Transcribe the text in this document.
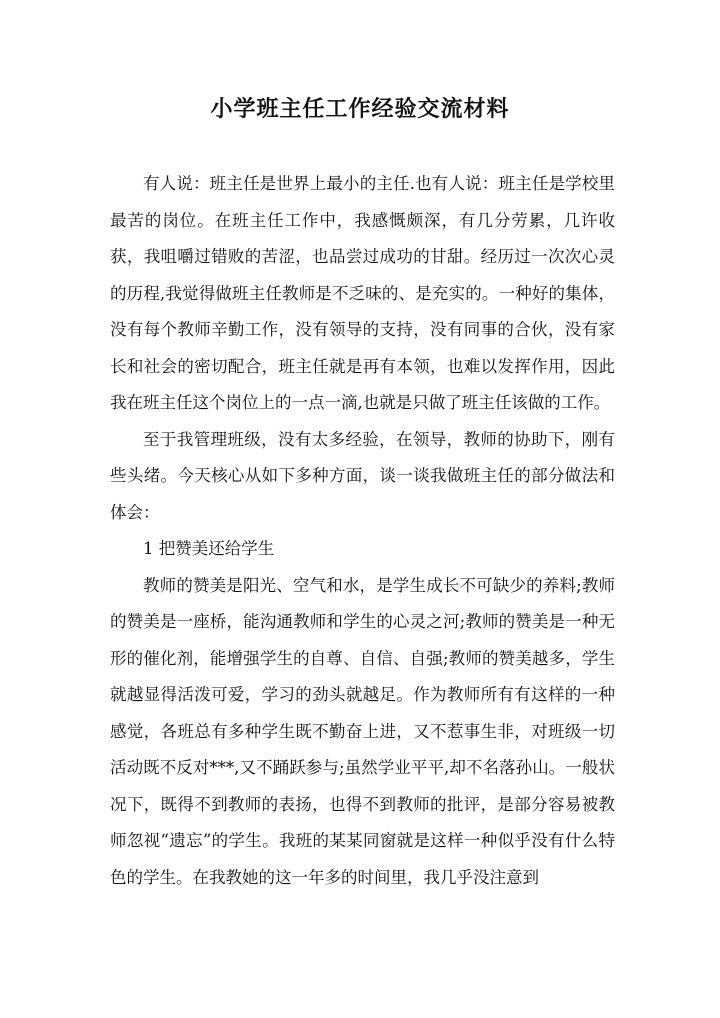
小学班主任工作经验交流材料

有人说：班主任是世界上最小的主任.也有人说：班主任是学校里最苦的岗位。在班主任工作中，我感慨颇深，有几分劳累，几许收获，我咀嚼过错败的苦涩，也品尝过成功的甘甜。经历过一次次心灵的历程,我觉得做班主任教师是不乏味的、是充实的。一种好的集体，没有每个教师辛勤工作，没有领导的支持，没有同事的合伙，没有家长和社会的密切配合，班主任就是再有本领，也难以发挥作用，因此我在班主任这个岗位上的一点一滴,也就是只做了班主任该做的工作。

至于我管理班级，没有太多经验，在领导，教师的协助下，刚有些头绪。今天核心从如下多种方面，谈一谈我做班主任的部分做法和体会：

1 把赞美还给学生

教师的赞美是阳光、空气和水，是学生成长不可缺少的养料;教师的赞美是一座桥，能沟通教师和学生的心灵之河;教师的赞美是一种无形的催化剂，能增强学生的自尊、自信、自强;教师的赞美越多，学生就越显得活泼可爱，学习的劲头就越足。作为教师所有有这样的一种感觉，各班总有多种学生既不勤奋上进，又不惹事生非，对班级一切活动既不反对***,又不踊跃参与;虽然学业平平,却不名落孙山。一般状况下，既得不到教师的表扬，也得不到教师的批评，是部分容易被教师忽视“遗忘”的学生。我班的某某同窗就是这样一种似乎没有什么特色的学生。在我教她的这一年多的时间里，我几乎没注意到
